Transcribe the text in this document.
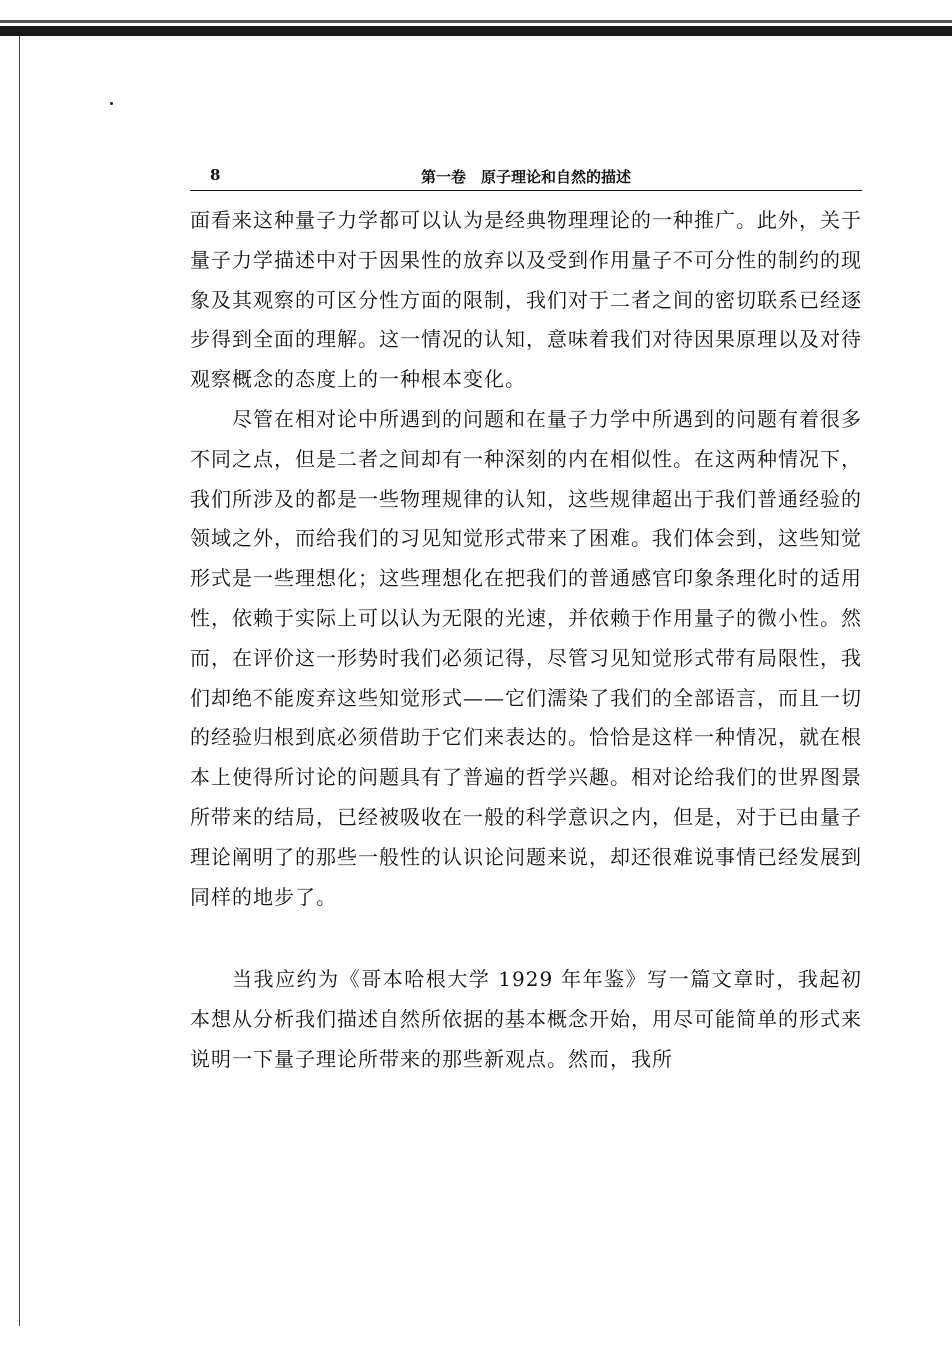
8	第一卷　原子理论和自然的描述

面看来这种量子力学都可以认为是经典物理理论的一种推广。此外，关于量子力学描述中对于因果性的放弃以及受到作用量子不可分性的制约的现象及其观察的可区分性方面的限制，我们对于二者之间的密切联系已经逐步得到全面的理解。这一情况的认知，意味着我们对待因果原理以及对待观察概念的态度上的一种根本变化。

尽管在相对论中所遇到的问题和在量子力学中所遇到的问题有着很多不同之点，但是二者之间却有一种深刻的内在相似性。在这两种情况下，我们所涉及的都是一些物理规律的认知，这些规律超出于我们普通经验的领域之外，而给我们的习见知觉形式带来了困难。我们体会到，这些知觉形式是一些理想化；这些理想化在把我们的普通感官印象条理化时的适用性，依赖于实际上可以认为无限的光速，并依赖于作用量子的微小性。然而，在评价这一形势时我们必须记得，尽管习见知觉形式带有局限性，我们却绝不能废弃这些知觉形式——它们濡染了我们的全部语言，而且一切的经验归根到底必须借助于它们来表达的。恰恰是这样一种情况，就在根本上使得所讨论的问题具有了普遍的哲学兴趣。相对论给我们的世界图景所带来的结局，已经被吸收在一般的科学意识之内，但是，对于已由量子理论阐明了的那些一般性的认识论问题来说，却还很难说事情已经发展到同样的地步了。

当我应约为《哥本哈根大学 1929 年年鉴》写一篇文章时，我起初本想从分析我们描述自然所依据的基本概念开始，用尽可能简单的形式来说明一下量子理论所带来的那些新观点。然而，我所
